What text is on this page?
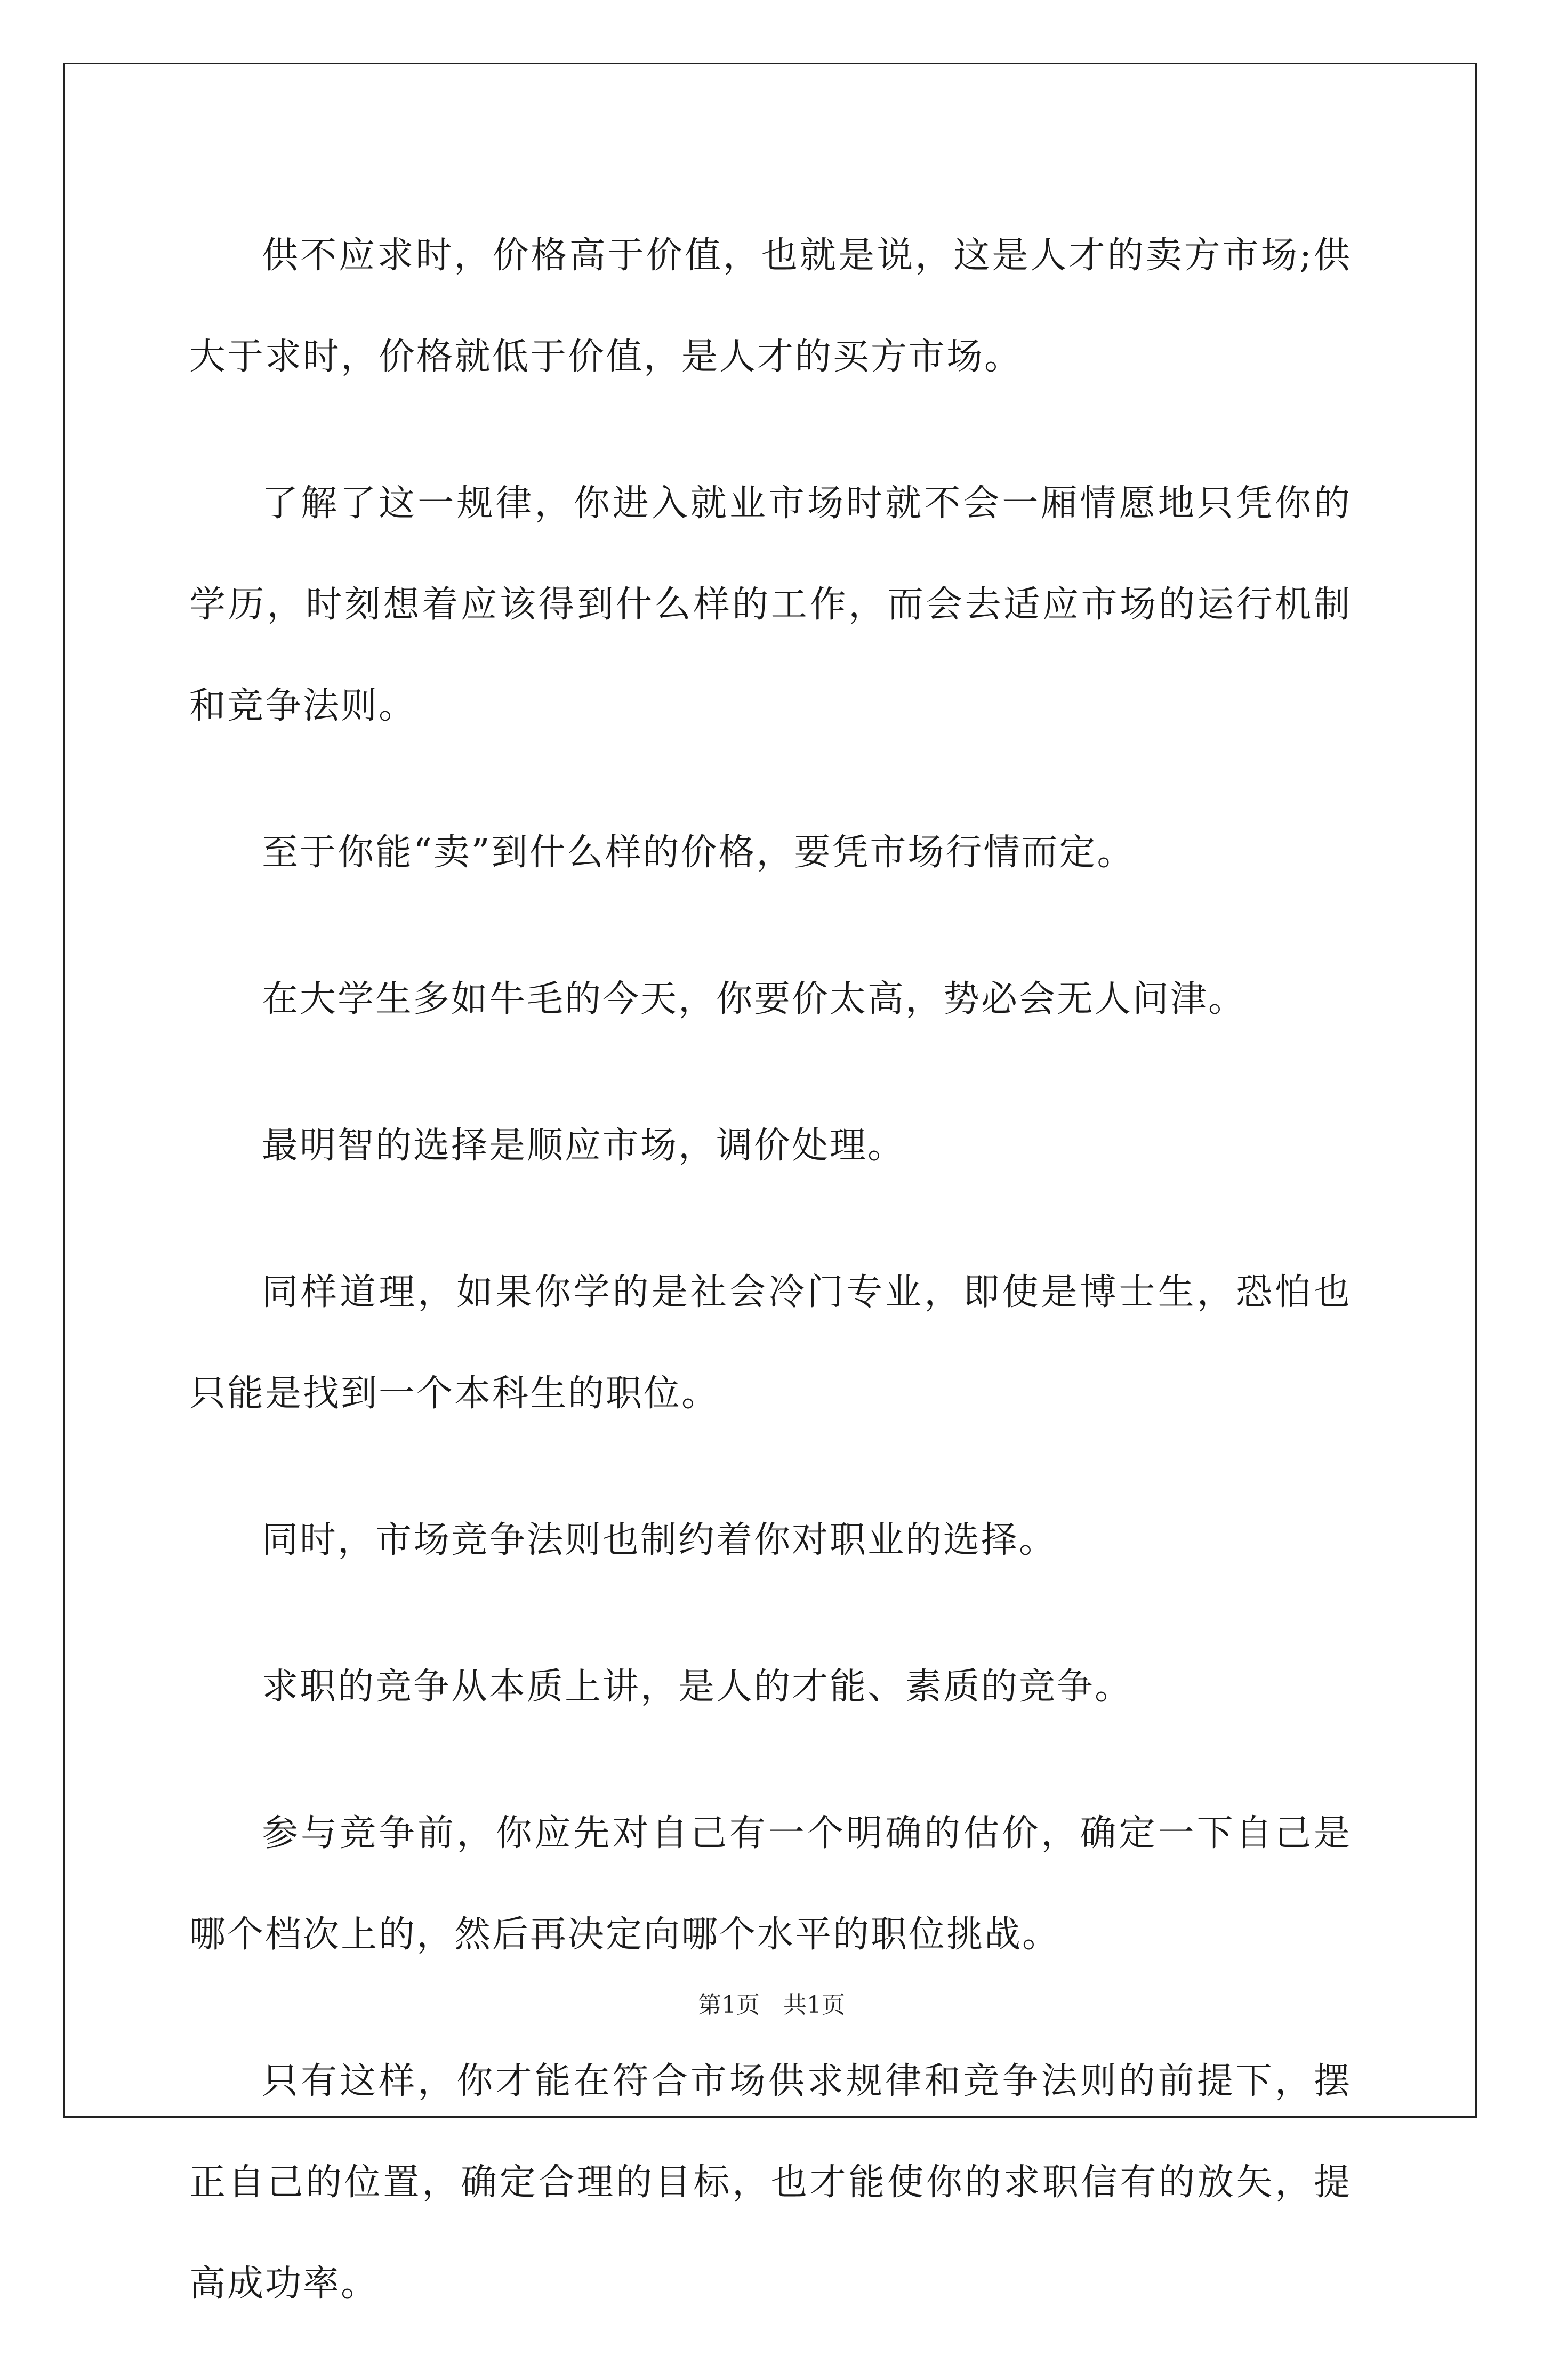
供不应求时，价格高于价值，也就是说，这是人才的卖方市场;供大于求时，价格就低于价值，是人才的买方市场。

了解了这一规律，你进入就业市场时就不会一厢情愿地只凭你的学历，时刻想着应该得到什么样的工作，而会去适应市场的运行机制和竞争法则。

至于你能“卖”到什么样的价格，要凭市场行情而定。

在大学生多如牛毛的今天，你要价太高，势必会无人问津。

最明智的选择是顺应市场，调价处理。

同样道理，如果你学的是社会冷门专业，即使是博士生，恐怕也只能是找到一个本科生的职位。

同时，市场竞争法则也制约着你对职业的选择。

求职的竞争从本质上讲，是人的才能、素质的竞争。

参与竞争前，你应先对自己有一个明确的估价，确定一下自己是哪个档次上的，然后再决定向哪个水平的职位挑战。

只有这样，你才能在符合市场供求规律和竞争法则的前提下，摆正自己的位置，确定合理的目标，也才能使你的求职信有的放矢，提高成功率。

第1页 共1页
